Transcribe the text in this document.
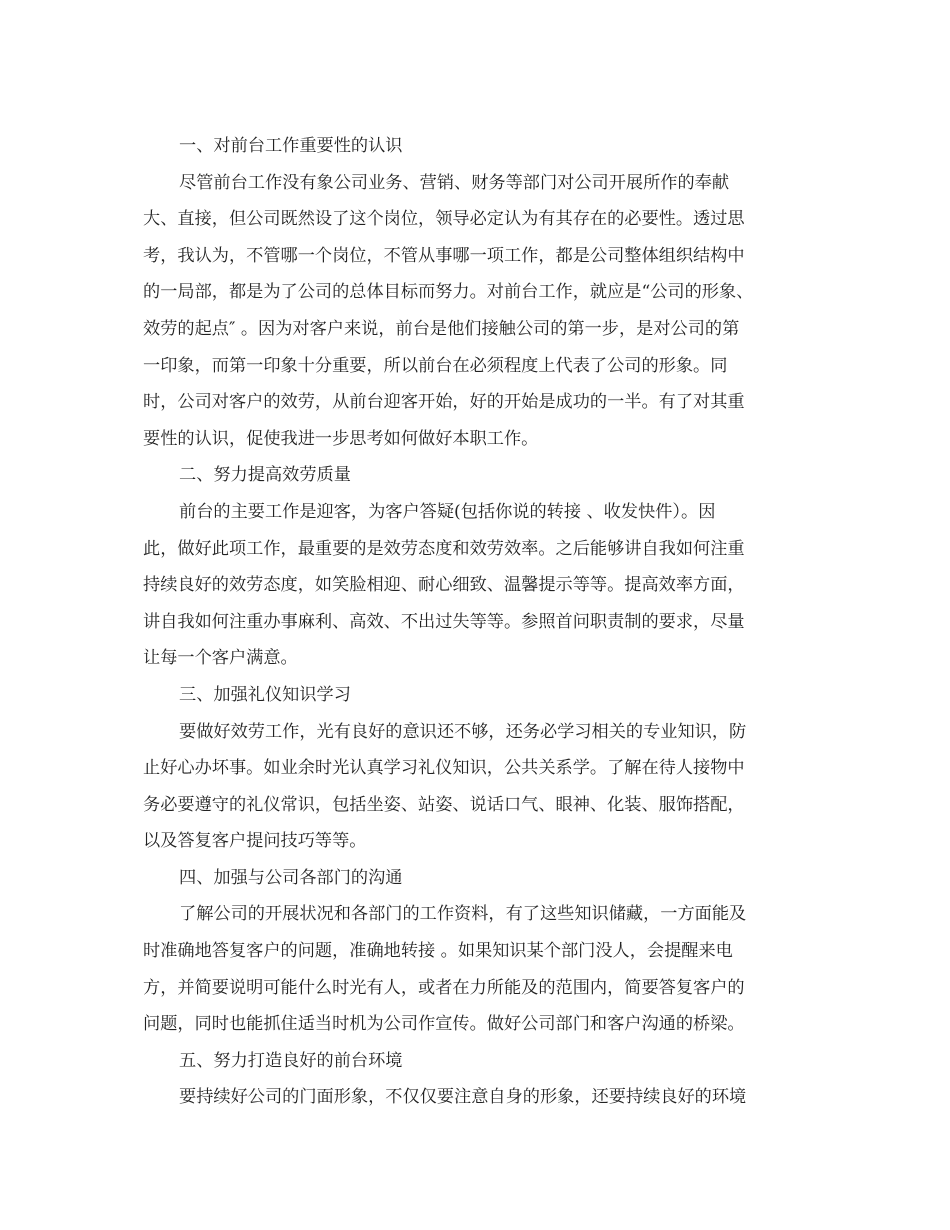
一、对前台工作重要性的认识
尽管前台工作没有象公司业务、营销、财务等部门对公司开展所作的奉献
大、直接，但公司既然设了这个岗位，领导必定认为有其存在的必要性。透过思
考，我认为，不管哪一个岗位，不管从事哪一项工作，都是公司整体组织结构中
的一局部，都是为了公司的总体目标而努力。对前台工作，就应是“公司的形象、
效劳的起点″ 。因为对客户来说，前台是他们接触公司的第一步，是对公司的第
一印象，而第一印象十分重要，所以前台在必须程度上代表了公司的形象。同
时，公司对客户的效劳，从前台迎客开始，好的开始是成功的一半。有了对其重
要性的认识，促使我进一步思考如何做好本职工作。
二、努力提高效劳质量
前台的主要工作是迎客，为客户答疑(包括你说的转接 、收发快件）。因
此，做好此项工作，最重要的是效劳态度和效劳效率。之后能够讲自我如何注重
持续良好的效劳态度，如笑脸相迎、耐心细致、温馨提示等等。提高效率方面，
讲自我如何注重办事麻利、高效、不出过失等等。参照首问职责制的要求，尽量
让每一个客户满意。
三、加强礼仪知识学习
要做好效劳工作，光有良好的意识还不够，还务必学习相关的专业知识，防
止好心办坏事。如业余时光认真学习礼仪知识，公共关系学。了解在待人接物中
务必要遵守的礼仪常识，包括坐姿、站姿、说话口气、眼神、化装、服饰搭配，
以及答复客户提问技巧等等。
四、加强与公司各部门的沟通
了解公司的开展状况和各部门的工作资料，有了这些知识储藏，一方面能及
时准确地答复客户的问题，准确地转接 。如果知识某个部门没人，会提醒来电
方，并简要说明可能什么时光有人，或者在力所能及的范围内，简要答复客户的
问题，同时也能抓住适当时机为公司作宣传。做好公司部门和客户沟通的桥梁。
五、努力打造良好的前台环境
要持续好公司的门面形象，不仅仅要注意自身的形象，还要持续良好的环境
